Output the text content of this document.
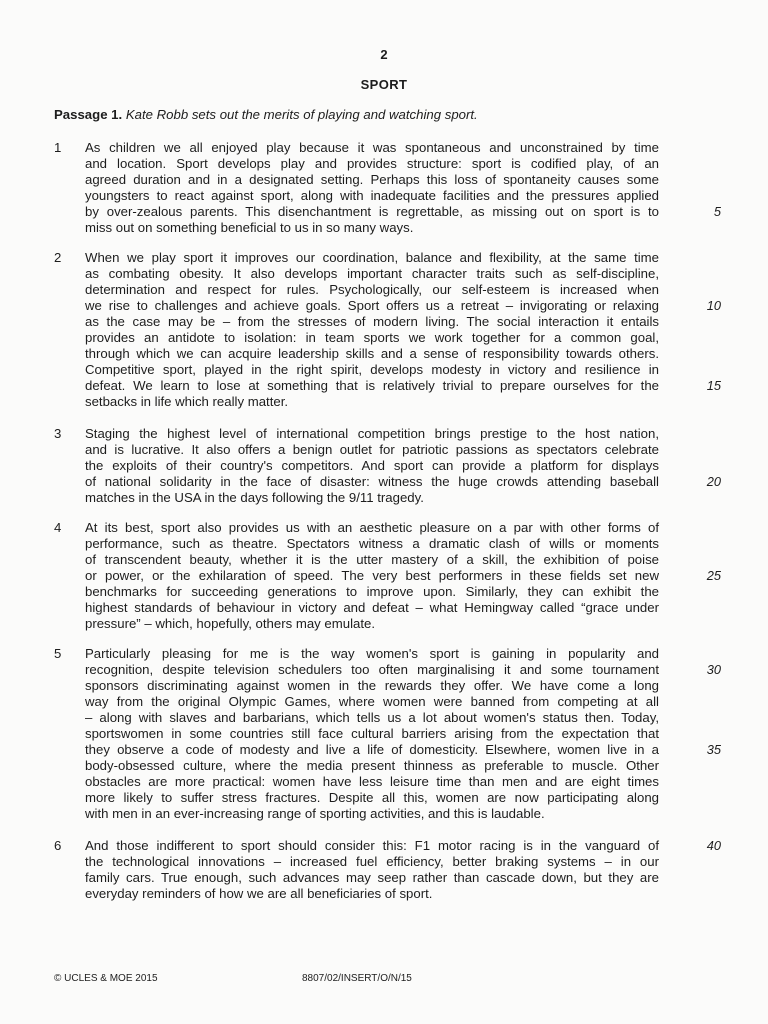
2
SPORT
Passage 1. Kate Robb sets out the merits of playing and watching sport.
1 As children we all enjoyed play because it was spontaneous and unconstrained by time
and location. Sport develops play and provides structure: sport is codified play, of an
agreed duration and in a designated setting. Perhaps this loss of spontaneity causes some
youngsters to react against sport, along with inadequate facilities and the pressures applied
by over-zealous parents. This disenchantment is regrettable, as missing out on sport is to
miss out on something beneficial to us in so many ways.
5
2 When we play sport it improves our coordination, balance and flexibility, at the same time
as combating obesity. It also develops important character traits such as self-discipline,
determination and respect for rules. Psychologically, our self-esteem is increased when
we rise to challenges and achieve goals. Sport offers us a retreat – invigorating or relaxing
as the case may be – from the stresses of modern living. The social interaction it entails
provides an antidote to isolation: in team sports we work together for a common goal,
through which we can acquire leadership skills and a sense of responsibility towards others.
Competitive sport, played in the right spirit, develops modesty in victory and resilience in
defeat. We learn to lose at something that is relatively trivial to prepare ourselves for the
setbacks in life which really matter.
10
15
3 Staging the highest level of international competition brings prestige to the host nation,
and is lucrative. It also offers a benign outlet for patriotic passions as spectators celebrate
the exploits of their country's competitors. And sport can provide a platform for displays
of national solidarity in the face of disaster: witness the huge crowds attending baseball
matches in the USA in the days following the 9/11 tragedy.
20
4 At its best, sport also provides us with an aesthetic pleasure on a par with other forms of
performance, such as theatre. Spectators witness a dramatic clash of wills or moments
of transcendent beauty, whether it is the utter mastery of a skill, the exhibition of poise
or power, or the exhilaration of speed. The very best performers in these fields set new
benchmarks for succeeding generations to improve upon. Similarly, they can exhibit the
highest standards of behaviour in victory and defeat – what Hemingway called “grace under
pressure” – which, hopefully, others may emulate.
25
5 Particularly pleasing for me is the way women's sport is gaining in popularity and
recognition, despite television schedulers too often marginalising it and some tournament
sponsors discriminating against women in the rewards they offer. We have come a long
way from the original Olympic Games, where women were banned from competing at all
– along with slaves and barbarians, which tells us a lot about women's status then. Today,
sportswomen in some countries still face cultural barriers arising from the expectation that
they observe a code of modesty and live a life of domesticity. Elsewhere, women live in a
body-obsessed culture, where the media present thinness as preferable to muscle. Other
obstacles are more practical: women have less leisure time than men and are eight times
more likely to suffer stress fractures. Despite all this, women are now participating along
with men in an ever-increasing range of sporting activities, and this is laudable.
30
35
6 And those indifferent to sport should consider this: F1 motor racing is in the vanguard of
the technological innovations – increased fuel efficiency, better braking systems – in our
family cars. True enough, such advances may seep rather than cascade down, but they are
everyday reminders of how we are all beneficiaries of sport.
40
© UCLES & MOE 2015	8807/02/INSERT/O/N/15
